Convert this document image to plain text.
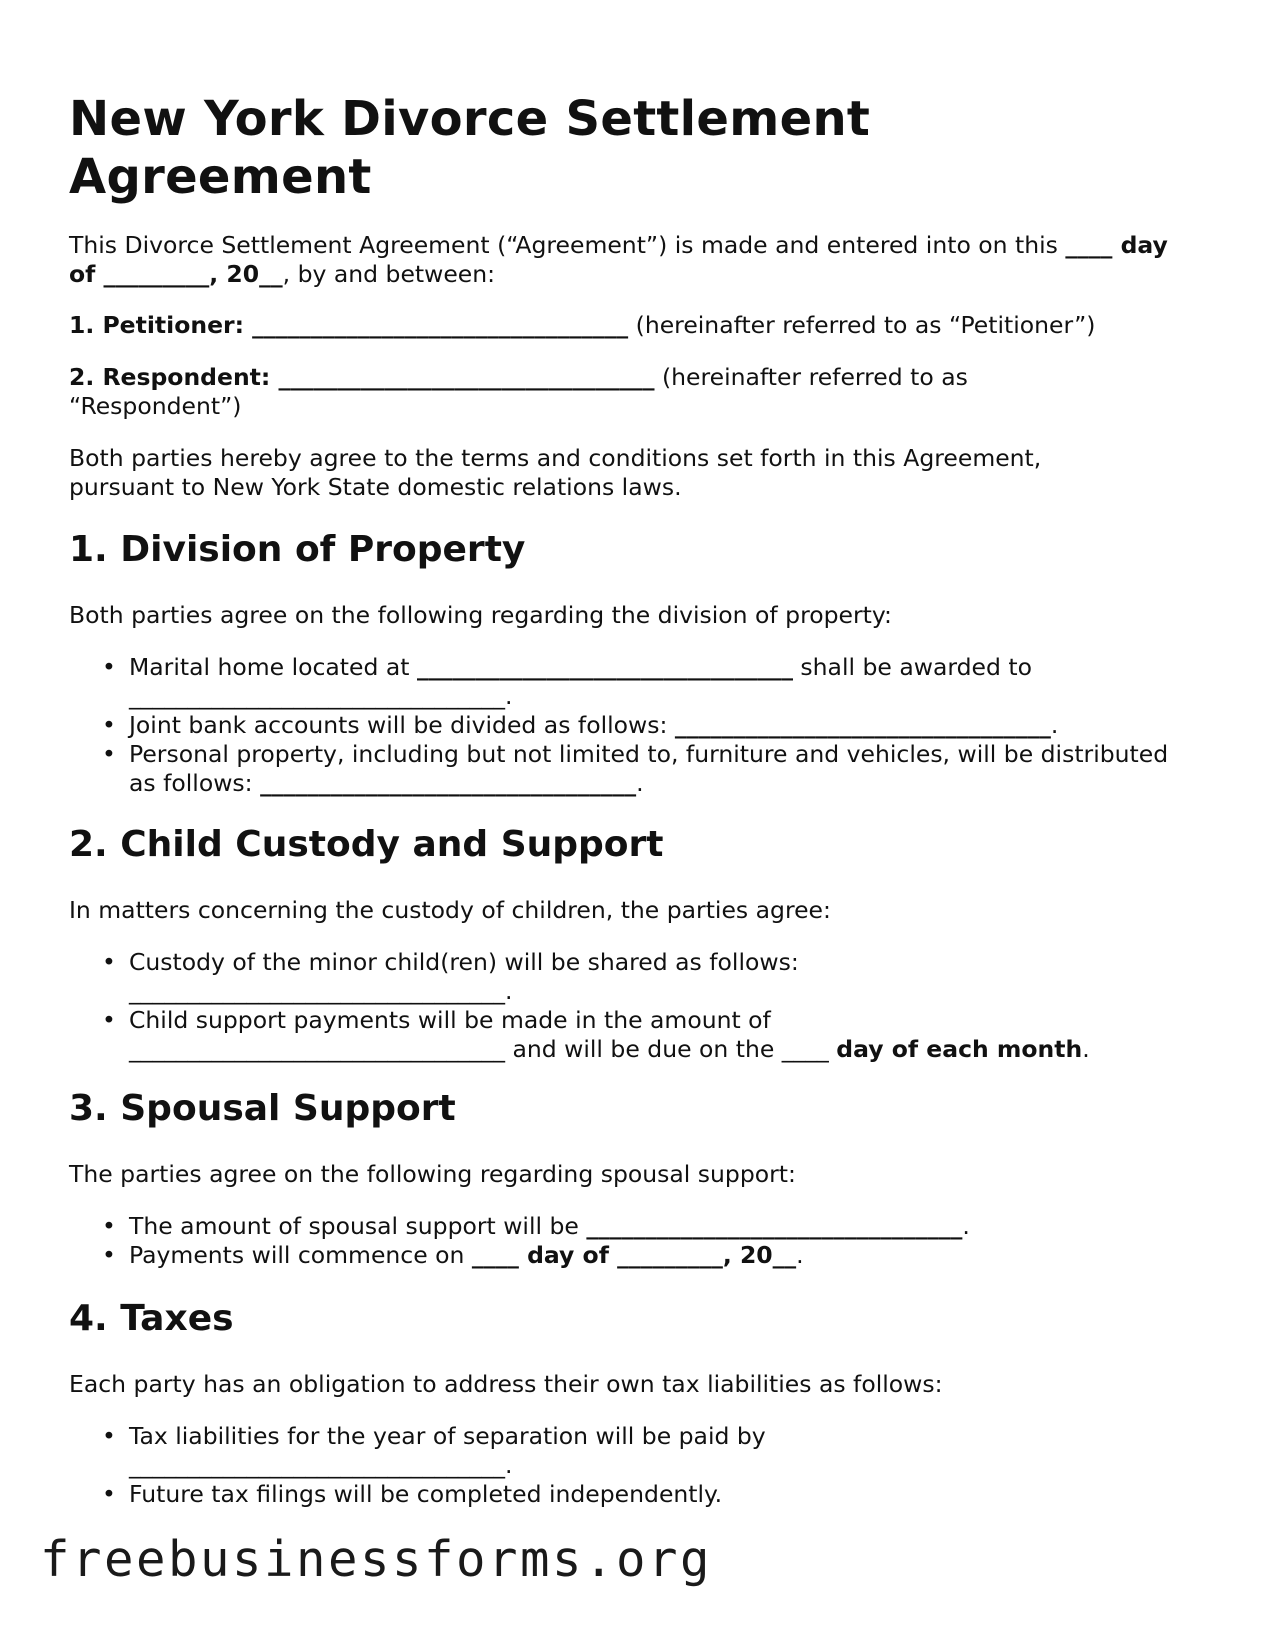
New York Divorce Settlement Agreement

This Divorce Settlement Agreement (“Agreement”) is made and entered into on this ____ day of _________, 20__, by and between:

1. Petitioner: ________________________________ (hereinafter referred to as “Petitioner”)

2. Respondent: ________________________________ (hereinafter referred to as “Respondent”)

Both parties hereby agree to the terms and conditions set forth in this Agreement, pursuant to New York State domestic relations laws.

1. Division of Property

Both parties agree on the following regarding the division of property:

• Marital home located at ________________________________ shall be awarded to ________________________________.
• Joint bank accounts will be divided as follows: ________________________________.
• Personal property, including but not limited to, furniture and vehicles, will be distributed as follows: ________________________________.
2. Child Custody and Support

In matters concerning the custody of children, the parties agree:

• Custody of the minor child(ren) will be shared as follows: ________________________________.
• Child support payments will be made in the amount of ________________________________ and will be due on the ____ day of each month.
3. Spousal Support

The parties agree on the following regarding spousal support:

• The amount of spousal support will be ________________________________.
• Payments will commence on ____ day of _________, 20__.
4. Taxes

Each party has an obligation to address their own tax liabilities as follows:

• Tax liabilities for the year of separation will be paid by ________________________________.
• Future tax filings will be completed independently.
freebusinessforms.org
